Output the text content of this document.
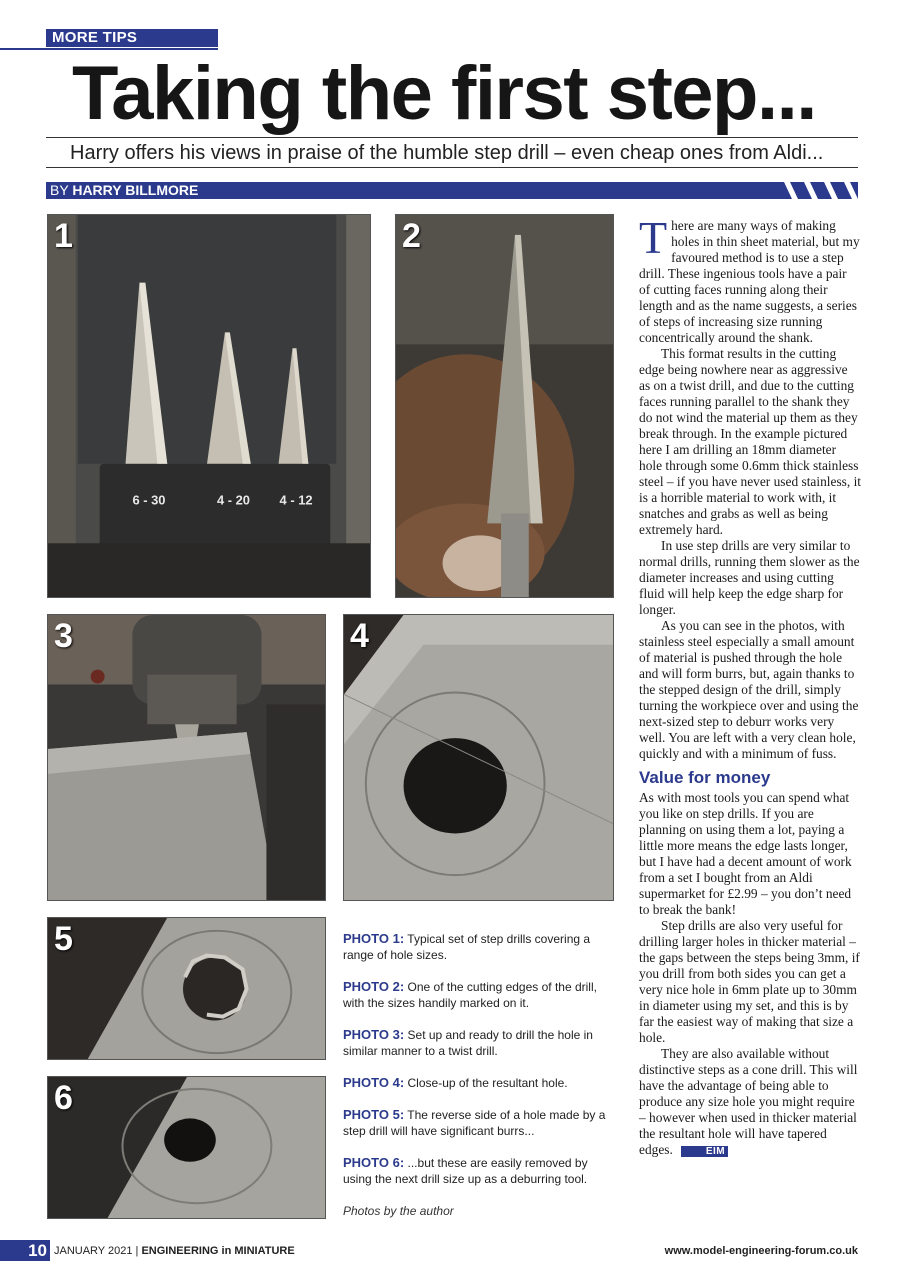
MORE TIPS
Taking the first step...
Harry offers his views in praise of the humble step drill – even cheap ones from Aldi...
BY HARRY BILLMORE
6 - 30	4 - 20 4 - 12
1	2
3	4
5
6

PHOTO 1: Typical set of step drills covering a range of hole sizes.

PHOTO 2: One of the cutting edges of the drill, with the sizes handily marked on it.

PHOTO 3: Set up and ready to drill the hole in similar manner to a twist drill.

PHOTO 4: Close-up of the resultant hole.

PHOTO 5: The reverse side of a hole made by a step drill will have significant burrs...

PHOTO 6: ...but these are easily removed by using the next drill size up as a deburring tool.

Photos by the author

There are many ways of making holes in thin sheet material, but my favoured method is to use a step drill. These ingenious tools have a pair of cutting faces running along their length and as the name suggests, a series of steps of increasing size running concentrically around the shank.

This format results in the cutting edge being nowhere near as aggressive as on a twist drill, and due to the cutting faces running parallel to the shank they do not wind the material up them as they break through. In the example pictured here I am drilling an 18mm diameter hole through some 0.6mm thick stainless steel – if you have never used stainless, it is a horrible material to work with, it snatches and grabs as well as being extremely hard.

In use step drills are very similar to normal drills, running them slower as the diameter increases and using cutting fluid will help keep the edge sharp for longer.

As you can see in the photos, with stainless steel especially a small amount of material is pushed through the hole and will form burrs, but, again thanks to the stepped design of the drill, simply turning the workpiece over and using the next-sized step to deburr works very well. You are left with a very clean hole, quickly and with a minimum of fuss.

Value for money

As with most tools you can spend what you like on step drills. If you are planning on using them a lot, paying a little more means the edge lasts longer, but I have had a decent amount of work from a set I bought from an Aldi supermarket for £2.99 – you don’t need to break the bank!

Step drills are also very useful for drilling larger holes in thicker material – the gaps between the steps being 3mm, if you drill from both sides you can get a very nice hole in 6mm plate up to 30mm in diameter using my set, and this is by far the easiest way of making that size a hole.

They are also available without distinctive steps as a cone drill. This will have the advantage of being able to produce any size hole you might require – however when used in thicker material the resultant hole will have tapered edges.	EIM

10 JANUARY 2021 | ENGINEERING in MINIATURE	www.model-engineering-forum.co.uk
